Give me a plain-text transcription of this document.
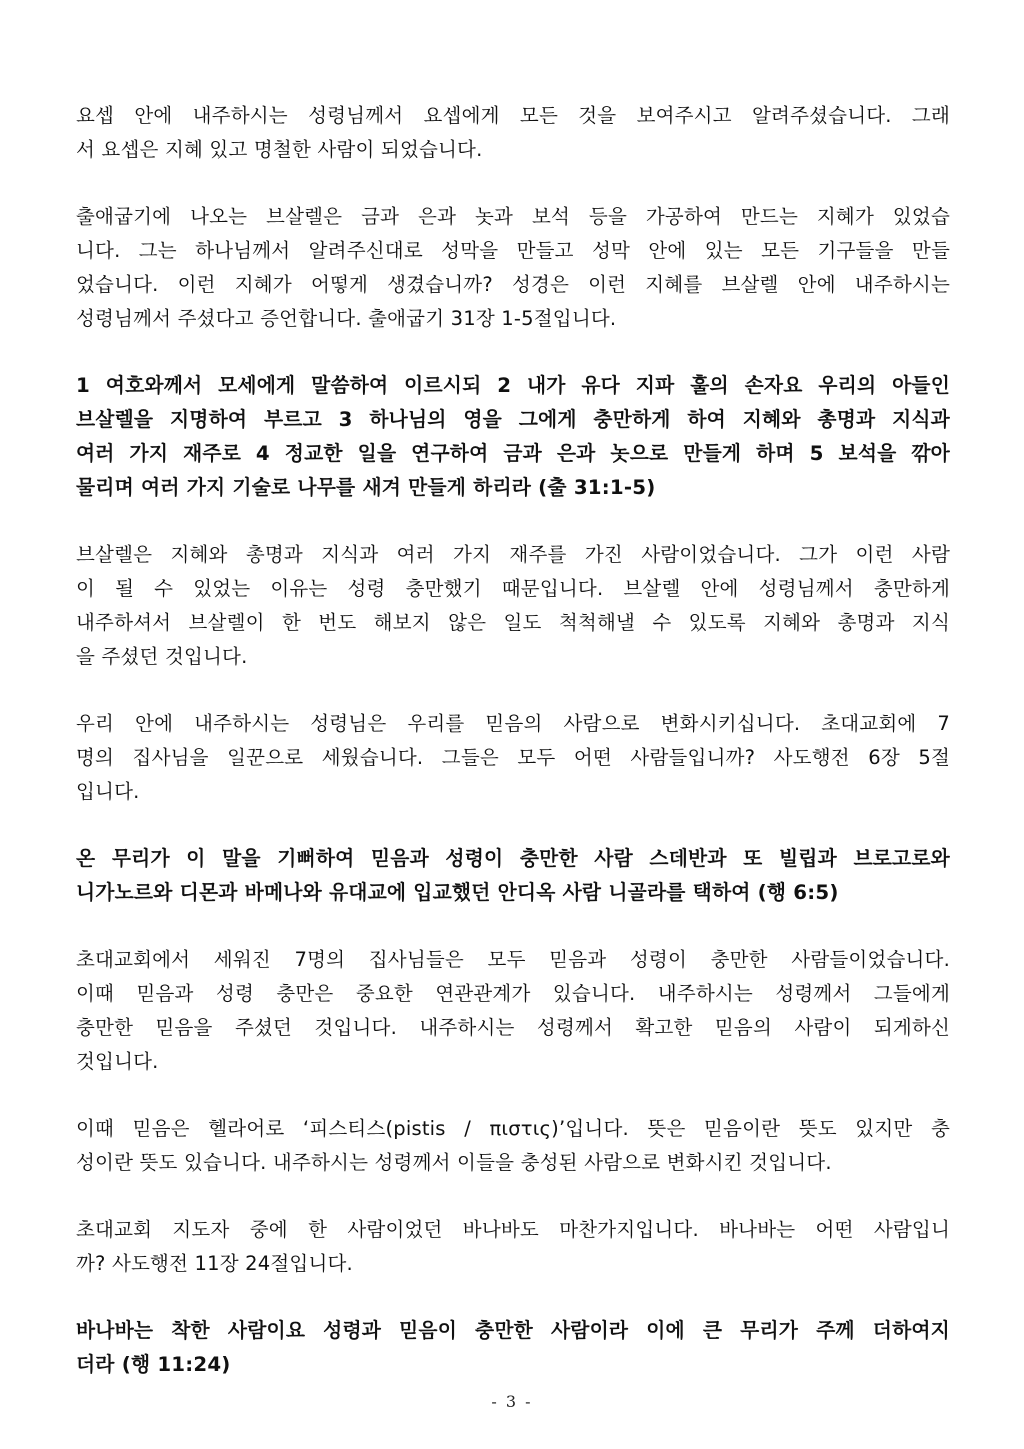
요셉 안에 내주하시는 성령님께서 요셉에게 모든 것을 보여주시고 알려주셨습니다. 그래
서 요셉은 지혜 있고 명철한 사람이 되었습니다.
출애굽기에 나오는 브살렐은 금과 은과 놋과 보석 등을 가공하여 만드는 지혜가 있었습
니다. 그는 하나님께서 알려주신대로 성막을 만들고 성막 안에 있는 모든 기구들을 만들
었습니다. 이런 지혜가 어떻게 생겼습니까? 성경은 이런 지혜를 브살렐 안에 내주하시는
성령님께서 주셨다고 증언합니다. 출애굽기 31장 1-5절입니다.
1 여호와께서 모세에게 말씀하여 이르시되 2 내가 유다 지파 훌의 손자요 우리의 아들인
브살렐을 지명하여 부르고 3 하나님의 영을 그에게 충만하게 하여 지혜와 총명과 지식과
여러 가지 재주로 4 정교한 일을 연구하여 금과 은과 놋으로 만들게 하며 5 보석을 깎아
물리며 여러 가지 기술로 나무를 새겨 만들게 하리라 (출 31:1-5)
브살렐은 지혜와 총명과 지식과 여러 가지 재주를 가진 사람이었습니다. 그가 이런 사람
이 될 수 있었는 이유는 성령 충만했기 때문입니다. 브살렐 안에 성령님께서 충만하게
내주하셔서 브살렐이 한 번도 해보지 않은 일도 척척해낼 수 있도록 지혜와 총명과 지식
을 주셨던 것입니다.
우리 안에 내주하시는 성령님은 우리를 믿음의 사람으로 변화시키십니다. 초대교회에 7
명의 집사님을 일꾼으로 세웠습니다. 그들은 모두 어떤 사람들입니까? 사도행전 6장 5절
입니다.
온 무리가 이 말을 기뻐하여 믿음과 성령이 충만한 사람 스데반과 또 빌립과 브로고로와
니가노르와 디몬과 바메나와 유대교에 입교했던 안디옥 사람 니골라를 택하여 (행 6:5)
초대교회에서 세워진 7명의 집사님들은 모두 믿음과 성령이 충만한 사람들이었습니다.
이때 믿음과 성령 충만은 중요한 연관관계가 있습니다. 내주하시는 성령께서 그들에게
충만한 믿음을 주셨던 것입니다. 내주하시는 성령께서 확고한 믿음의 사람이 되게하신
것입니다.
이때 믿음은 헬라어로 ‘피스티스(pistis / πιστις)’입니다. 뜻은 믿음이란 뜻도 있지만 충
성이란 뜻도 있습니다. 내주하시는 성령께서 이들을 충성된 사람으로 변화시킨 것입니다.
초대교회 지도자 중에 한 사람이었던 바나바도 마찬가지입니다. 바나바는 어떤 사람입니
까? 사도행전 11장 24절입니다.
바나바는 착한 사람이요 성령과 믿음이 충만한 사람이라 이에 큰 무리가 주께 더하여지
더라 (행 11:24)
- 3 -
